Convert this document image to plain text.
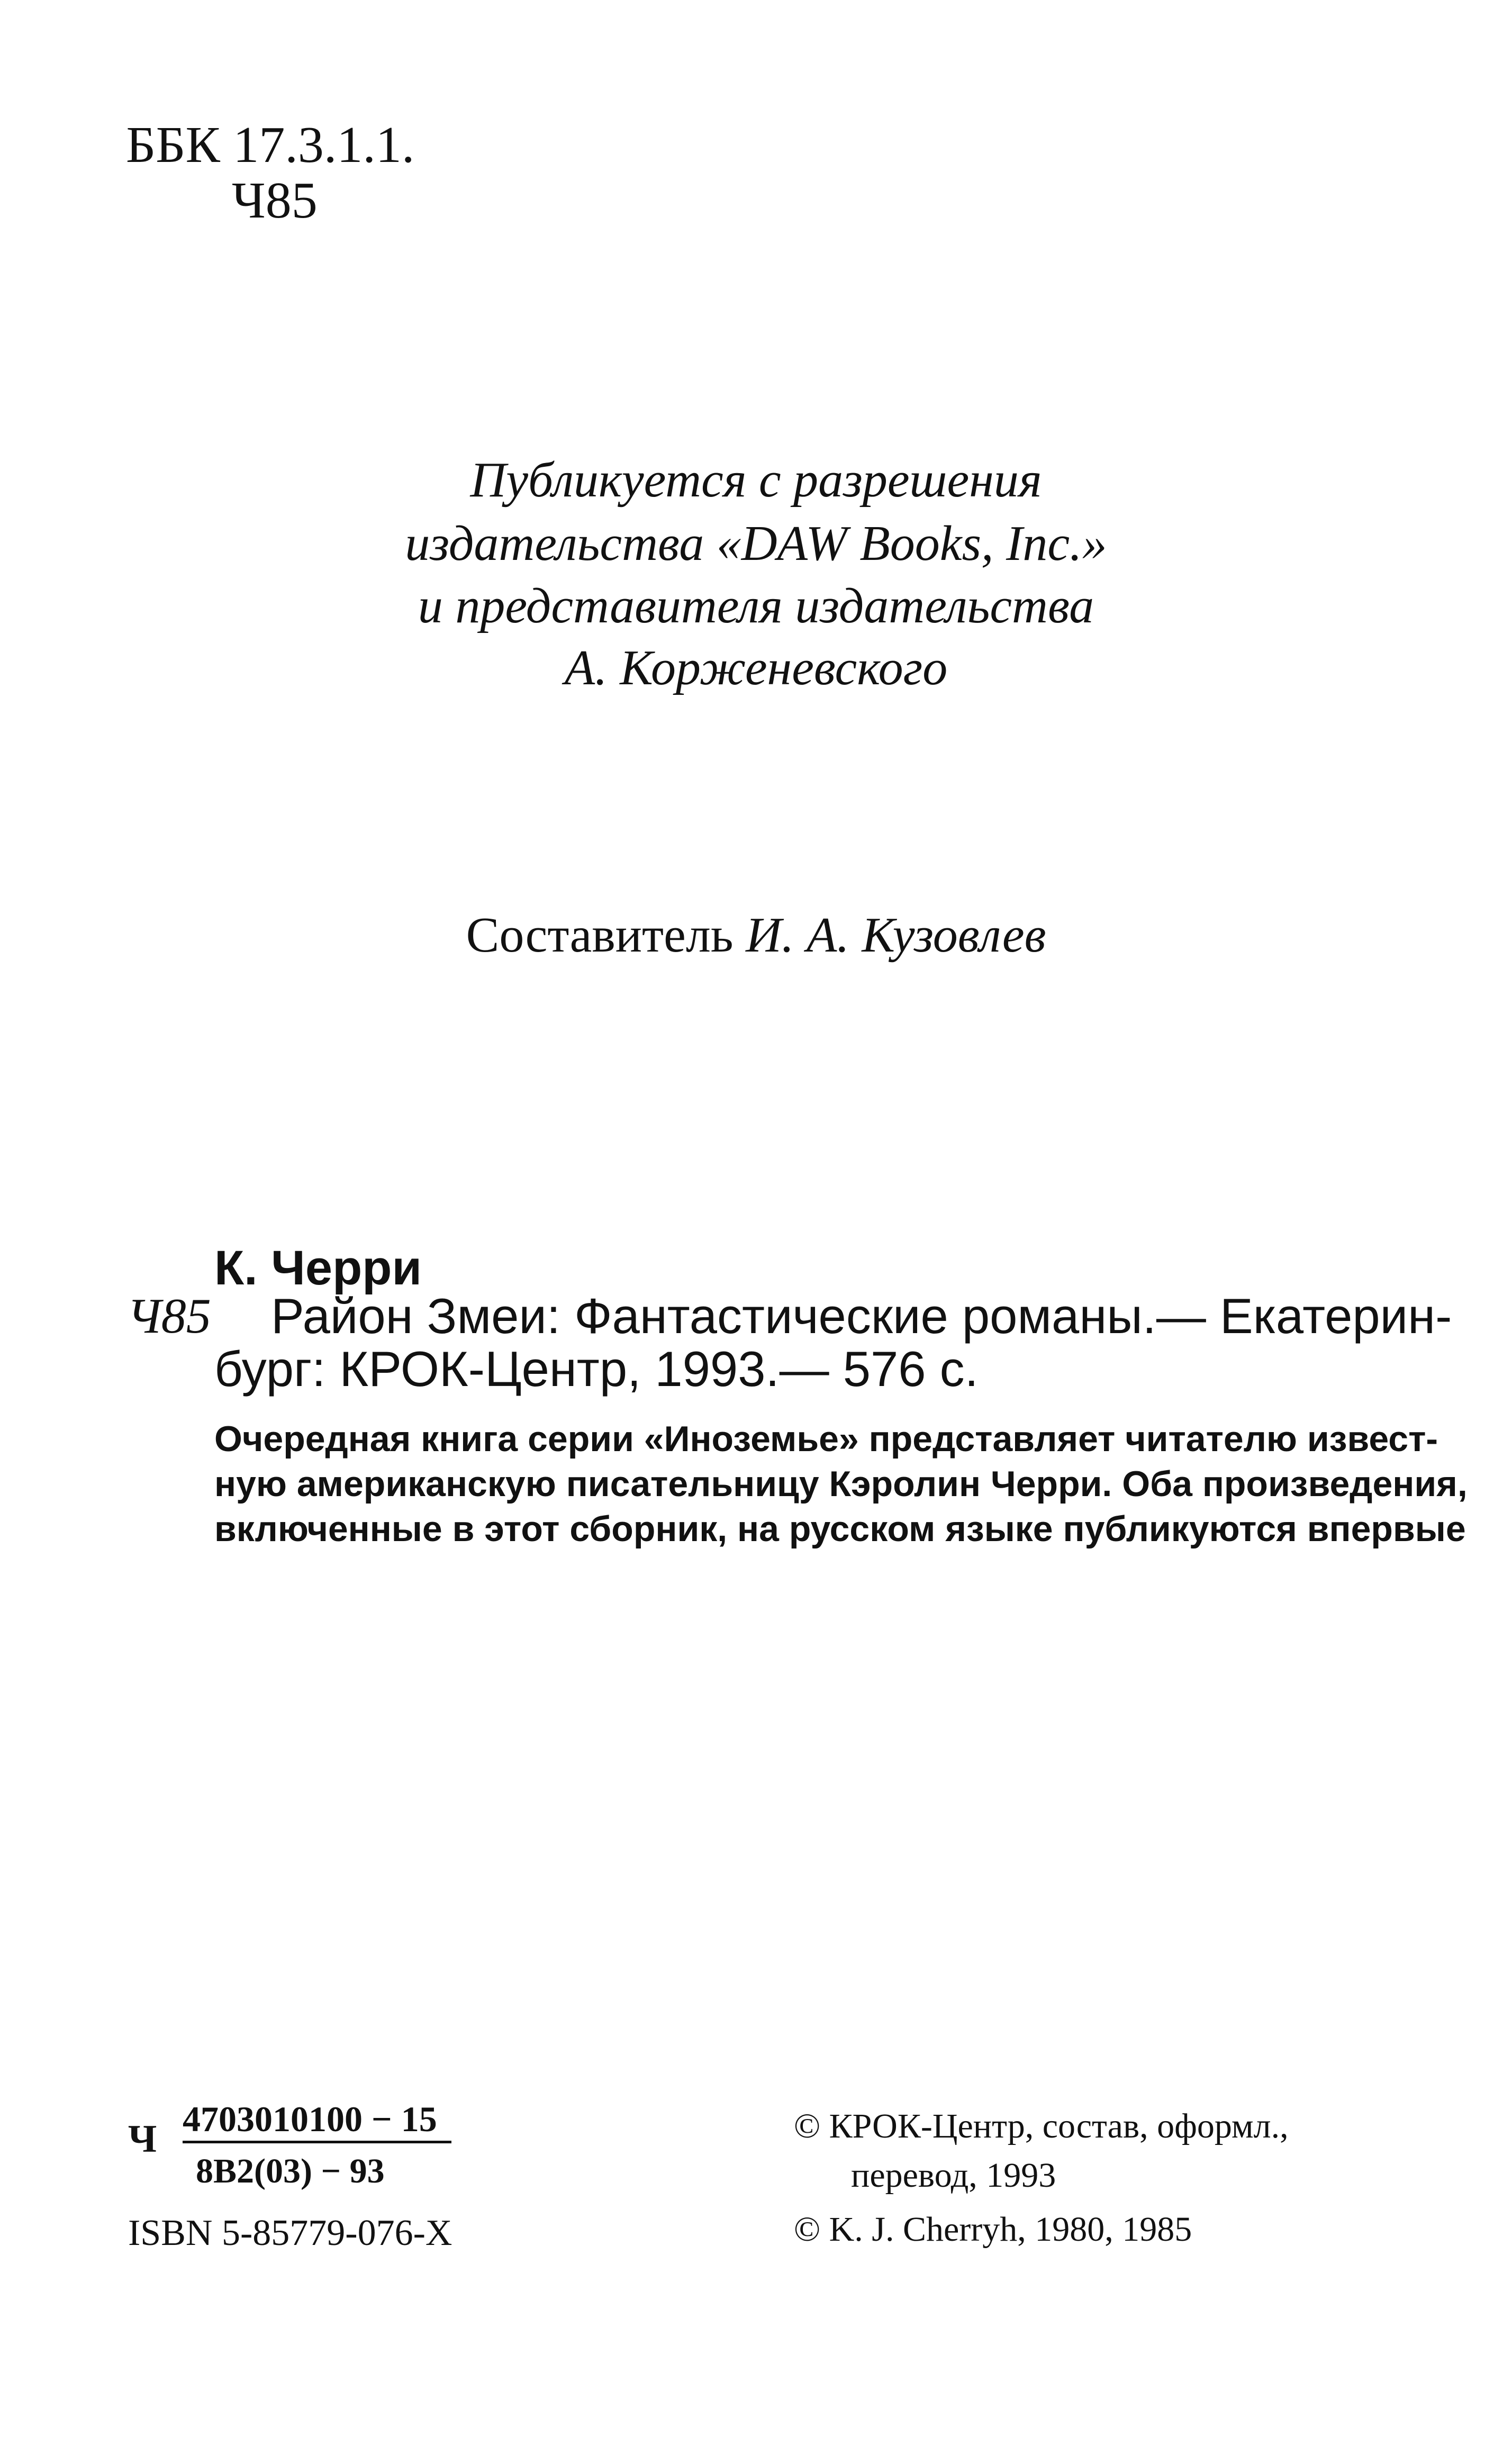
ББК 17.3.1.1.
Ч85
Публикуется с разрешения
издательства «DAW Books, Inc.»
и представителя издательства
А. Корженевского
Составитель И. А. Кузовлев
К. Черри
Ч85 Район Змеи: Фантастические романы.— Екатерин-
бург: КРОК-Центр, 1993.— 576 с.
Очередная книга серии «Иноземье» представляет читателю извест-
ную американскую писательницу Кэролин Черри. Оба произведения,
включенные в этот сборник, на русском языке публикуются впервые
Ч 4703010100 − 15
8В2(03) − 93
ISBN 5-85779-076-X
© КРОК-Центр, состав, оформл.,
перевод, 1993
© K. J. Cherryh, 1980, 1985
